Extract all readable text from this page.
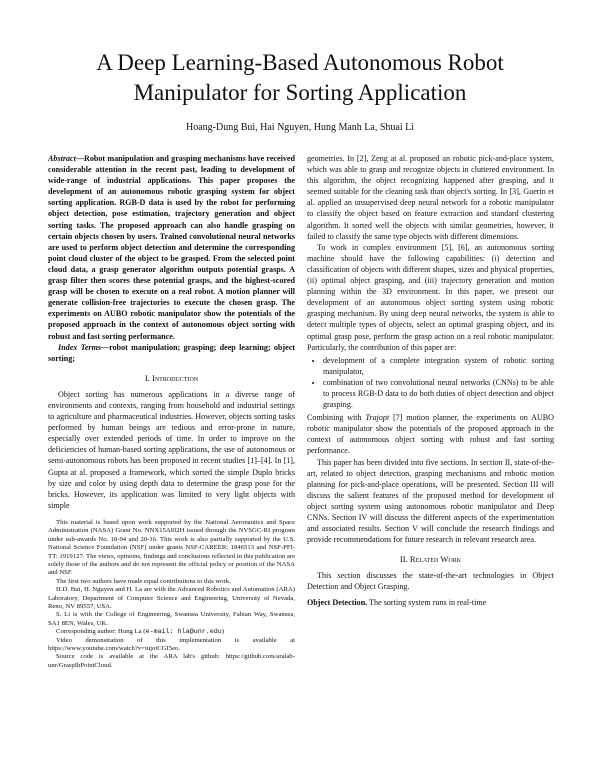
A Deep Learning-Based Autonomous Robot
Manipulator for Sorting Application
Hoang-Dung Bui, Hai Nguyen, Hung Manh La, Shuai Li

Abstract—Robot manipulation and grasping mechanisms have received considerable attention in the recent past, leading to development of wide-range of industrial applications. This paper proposes the development of an autonomous robotic grasping system for object sorting application. RGB-D data is used by the robot for performing object detection, pose estimation, trajectory generation and object sorting tasks. The proposed approach can also handle grasping on certain objects chosen by users. Trained convolutional neural networks are used to perform object detection and determine the corresponding point cloud cluster of the object to be grasped. From the selected point cloud data, a grasp generator algorithm outputs potential grasps. A grasp filter then scores these potential grasps, and the highest-scored grasp will be chosen to execute on a real robot. A motion planner will generate collision-free trajectories to execute the chosen grasp. The experiments on AUBO robotic manipulator show the potentials of the proposed approach in the context of autonomous object sorting with robust and fast sorting performance.

Index Terms—robot manipulation; grasping; deep learning; object sorting;

I. Introduction

Object sorting has numerous applications in a diverse range of environments and contexts, ranging from household and industrial settings to agriculture and pharmaceutical industries. However, objects sorting tasks performed by human beings are tedious and error-prone in nature, especially over extended periods of time. In order to improve on the deficiencies of human-based sorting applications, the use of autonomous or semi-autonomous robots has been proposed in recent studies [1]–[4]. In [1], Gupta at al. proposed a framework, which sorted the simple Duplo bricks by size and color by using depth data to determine the grasp pose for the bricks. However, its application was limited to very light objects with simple

This material is based upon work supported by the National Aeronautics and Space Administration (NASA) Grant No. NNX15AI02H issued through the NVSGC-RI program under sub-awards No. 18-94 and 20-16. This work is also partially supported by the U.S. National Science Foundation (NSF) under grants NSF-CAREER: 1846513 and NSF-PFI-TT: 1919127. The views, opinions, findings and conclusions reflected in this publication are solely those of the authors and do not represent the official policy or position of the NASA and NSF.

The first two authors have made equal contributions to this work.

H.D. Bui, H. Nguyen and H. La are with the Advanced Robotics and Automation (ARA) Laboratory, Department of Computer Science and Engineering, University of Nevada, Reno, NV 89557, USA.

S. Li is with the College of Engineering, Swansea University, Fabian Way, Swansea, SA1 8EN, Wales, UK.

Corresponding author: Hung La (e-mail: hla@unr.edu)

Video demonstration of this implementation is available at https://www.youtube.com/watch?v=iujotCGI5eo.

Source code is available at the ARA lab's github: https://github.com/aralab-unr/GraspIhPointCloud.

geometries. In [2], Zeng at al. proposed an robotic pick-and-place system, which was able to grasp and recognize objects in cluttered environment. In this algorithm, the object recognizing happened after grasping, and it seemed suitable for the cleaning task than object's sorting. In [3], Guerin et al. applied an unsupervised deep neural network for a robotic manipulator to classify the object based on feature extraction and standard clustering algorithm. It sorted well the objects with similar geometries, however, it failed to classify the same type objects with different dimensions.

To work in complex environment [5], [6], an autonomous sorting machine should have the following capabilities: (i) detection and classification of objects with different shapes, sizes and physical properties, (ii) optimal object grasping, and (iii) trajectory generation and motion planning within the 3D environment. In this paper, we present our development of an autonomous object sorting system using robotic grasping mechanism. By using deep neural networks, the system is able to detect multiple types of objects, select an optimal grasping object, and its optimal grasp pose, perform the grasp action on a real robotic manipulator. Particularly, the contribution of this paper are:

• development of a complete integration system of robotic sorting manipulator,
• combination of two convolutional neural networks (CNNs) to be able to process RGB-D data to do both duties of object detection and object grasping.

Combining with Trajopt [7] motion planner, the experiments on AUBO robotic manipulator show the potentials of the proposed approach in the context of autonomous object sorting with robust and fast sorting performance.

This paper has been divided into five sections. In section II, state-of-the-art, related to object detection, grasping mechanisms and robotic motion planning for pick-and-place operations, will be presented. Section III will discuss the salient features of the proposed method for development of object sorting system using autonomous robotic manipulator and Deep CNNs. Section IV will discuss the different aspects of the experimentation and associated results. Section V will conclude the research findings and provide recommendations for future research in relevant research area.

II. Related Work

This section discusses the state-of-the-art technologies in Object Detection and Object Grasping.

Object Detection. The sorting system runs in real-time
